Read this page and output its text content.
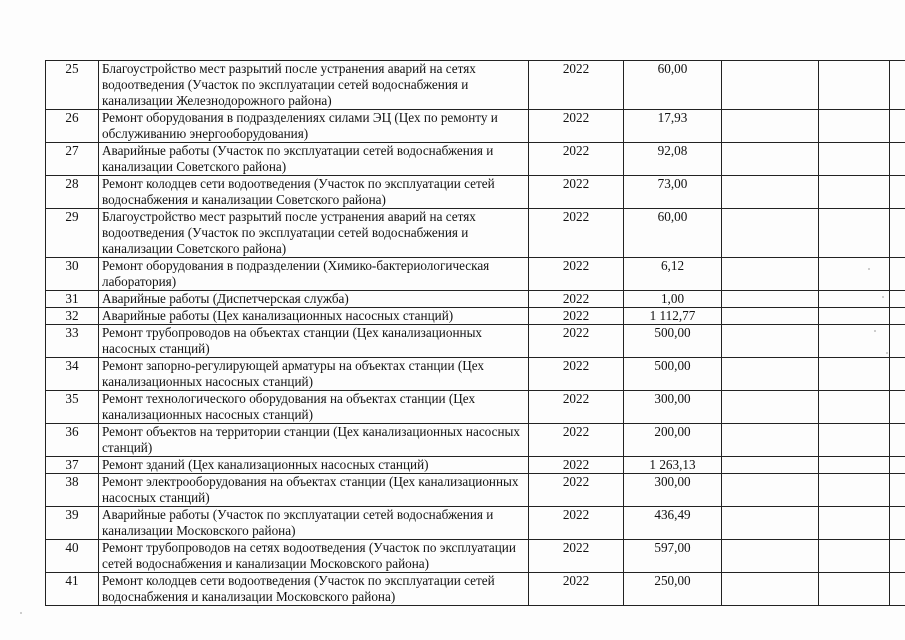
25	Благоустройство мест разрытий после устранения аварий на сетях водоотведения (Участок по эксплуатации сетей водоснабжения и канализации Железнодорожного района)	2022	60,00			
26	Ремонт оборудования в подразделениях силами ЭЦ (Цех по ремонту и обслуживанию энергооборудования)	2022	17,93			
27	Аварийные работы (Участок по эксплуатации сетей водоснабжения и канализации Советского района)	2022	92,08			
28	Ремонт колодцев сети водоотведения (Участок по эксплуатации сетей водоснабжения и канализации Советского района)	2022	73,00			
29	Благоустройство мест разрытий после устранения аварий на сетях водоотведения (Участок по эксплуатации сетей водоснабжения и канализации Советского района)	2022	60,00			
30	Ремонт оборудования в подразделении (Химико-бактериологическая лаборатория)	2022	6,12			
31	Аварийные работы (Диспетчерская служба)	2022	1,00			
32	Аварийные работы (Цех канализационных насосных станций)	2022	1 112,77			
33	Ремонт трубопроводов на объектах станции (Цех канализационных насосных станций)	2022	500,00			
34	Ремонт запорно-регулирующей арматуры на объектах станции (Цех канализационных насосных станций)	2022	500,00			
35	Ремонт технологического оборудования на объектах станции (Цех канализационных насосных станций)	2022	300,00			
36	Ремонт объектов на территории станции (Цех канализационных насосных станций)	2022	200,00			
37	Ремонт зданий (Цех канализационных насосных станций)	2022	1 263,13			
38	Ремонт электрооборудования на объектах станции (Цех канализационных насосных станций)	2022	300,00			
39	Аварийные работы (Участок по эксплуатации сетей водоснабжения и канализации Московского района)	2022	436,49			
40	Ремонт трубопроводов на сетях водоотведения (Участок по эксплуатации сетей водоснабжения и канализации Московского района)	2022	597,00			
41	Ремонт колодцев сети водоотведения (Участок по эксплуатации сетей водоснабжения и канализации Московского района)	2022	250,00			
